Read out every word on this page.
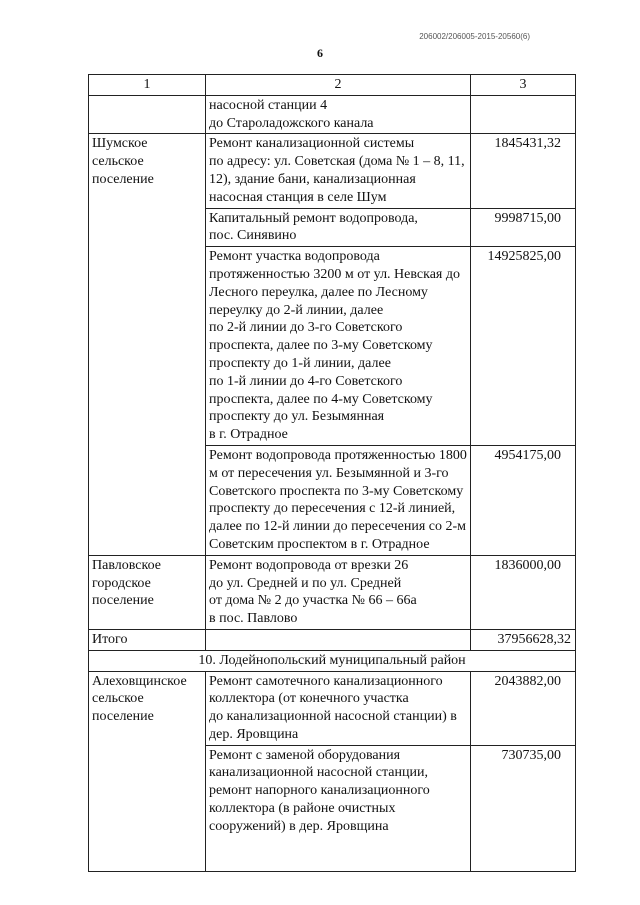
206002/206005-2015-20560(6)
6
1	2	3
	насосной станции 4
до Староладожского канала	
Шумское
сельское
поселение	Ремонт канализационной системы
по адресу: ул. Советская (дома № 1 – 8, 11, 12), здание бани, канализационная насосная станция в селе Шум	1845431,32
	Капитальный ремонт водопровода,
пос. Синявино	9998715,00
	Ремонт участка водопровода протяженностью 3200 м от ул. Невская до Лесного переулка, далее по Лесному переулку до 2-й линии, далее
по 2-й линии до 3-го Советского проспекта, далее по 3-му Советскому проспекту до 1-й линии, далее
по 1-й линии до 4-го Советского проспекта, далее по 4-му Советскому проспекту до ул. Безымянная
в г. Отрадное	14925825,00
	Ремонт водопровода протяженностью 1800 м от пересечения ул. Безымянной и 3-го Советского проспекта по 3-му Советскому проспекту до пересечения с 12-й линией, далее по 12-й линии до пересечения со 2-м Советским проспектом в г. Отрадное	4954175,00
Павловское
городское
поселение	Ремонт водопровода от врезки 26
до ул. Средней и по ул. Средней
от дома № 2 до участка № 66 – 66а
в пос. Павлово	1836000,00
Итого		37956628,32
10. Лодейнопольский муниципальный район		
Алеховщинское
сельское
поселение	Ремонт самотечного канализационного коллектора (от конечного участка
до канализационной насосной станции) в дер. Яровщина	2043882,00
	Ремонт с заменой оборудования канализационной насосной станции, ремонт напорного канализационного коллектора (в районе очистных сооружений) в дер. Яровщина	730735,00
